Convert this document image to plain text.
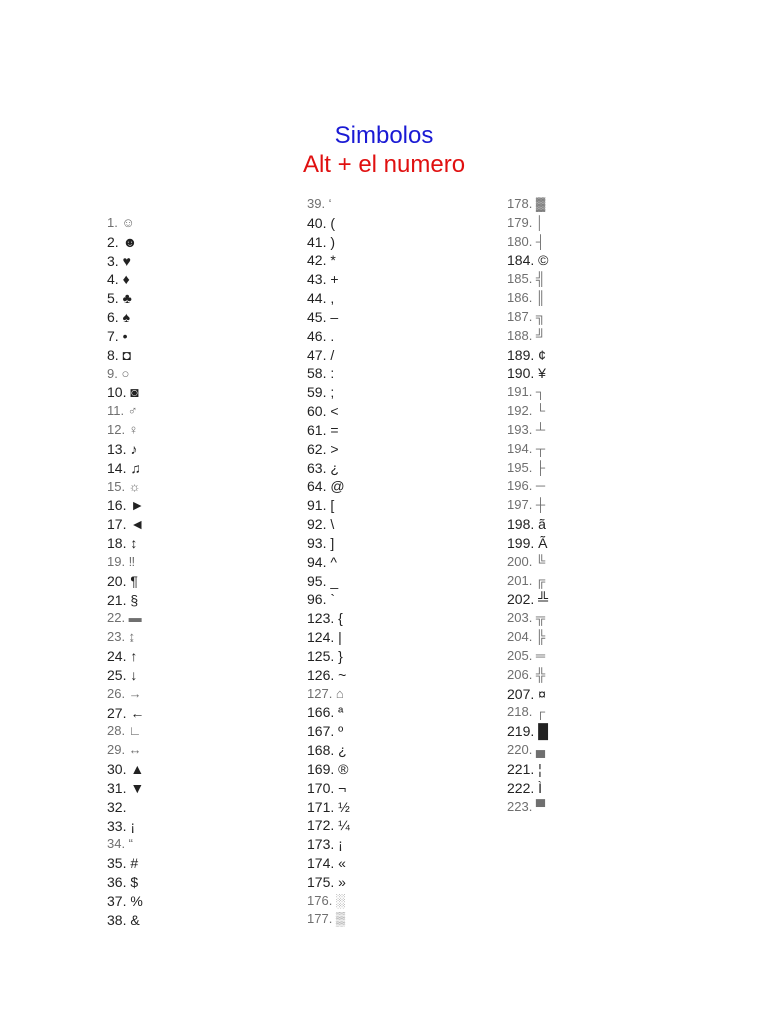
Simbolos
Alt + el numero
1. ☺
2. ☻
3. ♥
4. ♦
5. ♣
6. ♠
7. •
8. ◘
9. ○
10. ◙
11. ♂
12. ♀
13. ♪
14. ♫
15. ☼
16. ►
17. ◄
18. ↕
19. ‼
20. ¶
21. §
22. ▬
23. ↨
24. ↑
25. ↓
26. →
27. ←
28. ∟
29. ↔
30. ▲
31. ▼
32.
33. ¡
34. “
35. #
36. $
37. %
38. &
39. ‘
40. (
41. )
42. *
43. +
44. ,
45. –
46. .
47. /
58. :
59. ;
60. <
61. =
62. >
63. ¿
64. @
91. [
92. \
93. ]
94. ^
95. _
96. `
123. {
124. |
125. }
126. ~
127. ⌂
166. ª
167. º
168. ¿
169. ®
170. ¬
171. ½
172. ¼
173. ¡
174. «
175. »
176. ░
177. ▒
178. ▓
179. │
180. ┤
184. ©
185. ╣
186. ║
187. ╗
188. ╝
189. ¢
190. ¥
191. ┐
192. └
193. ┴
194. ┬
195. ├
196. ─
197. ┼
198. ã
199. Ã
200. ╚
201. ╔
202. ╩
203. ╦
204. ╠
205. ═
206. ╬
207. ¤
218. ┌
219. █
220. ▄
221. ¦
222. Ì
223. ▀
